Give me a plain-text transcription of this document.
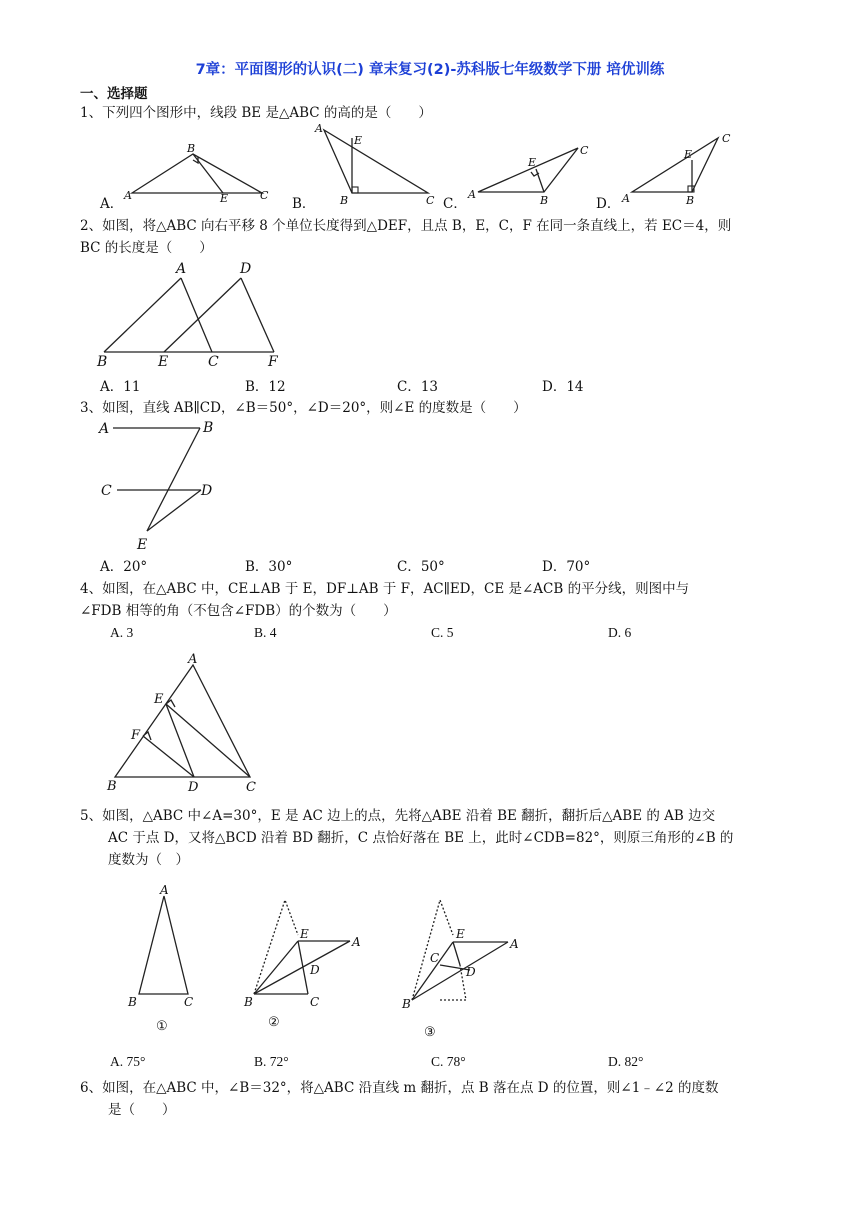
7章：平面图形的认识(二) 章末复习(2)-苏科版七年级数学下册 培优训练
一、选择题
1、下列四个图形中，线段 BE 是△ABC 的高的是（　　）
A．	B．	C．	D．
A
B
E	C
A
E
B	C	A
E
B
C
A
E
B
C
2、如图，将△ABC 向右平移 8 个单位长度得到△DEF，且点 B，E，C，F 在同一条直线上，若 EC＝4，则
BC 的长度是（　　）
A	D
B	E	C	F
A．11	B．12	C．13	D．14
3、如图，直线 AB∥CD，∠B＝50°，∠D＝20°，则∠E 的度数是（　　）
A	B
C	D
E
A．20°	B．30°	C．50°	D．70°
4、如图，在△ABC 中，CE⊥AB 于 E，DF⊥AB 于 F，AC∥ED，CE 是∠ACB 的平分线，则图中与
∠FDB 相等的角（不包含∠FDB）的个数为（　　）
A. 3	B. 4	C. 5	D. 6
A
E
F
B	D	C
5、如图，△ABC 中∠A=30°，E 是 AC 边上的点，先将△ABE 沿着 BE 翻折，翻折后△ABE 的 AB 边交
AC 于点 D，又将△BCD 沿着 BD 翻折，C 点恰好落在 BE 上，此时∠CDB=82°，则原三角形的∠B 的
度数为（　）
A
B	C
①
E
A
D
B	C
②
E
A
C
D
B
③
A. 75°	B. 72°	C. 78°	D. 82°
6、如图，在△ABC 中，∠B＝32°，将△ABC 沿直线 m 翻折，点 B 落在点 D 的位置，则∠1﹣∠2 的度数
是（　　）
